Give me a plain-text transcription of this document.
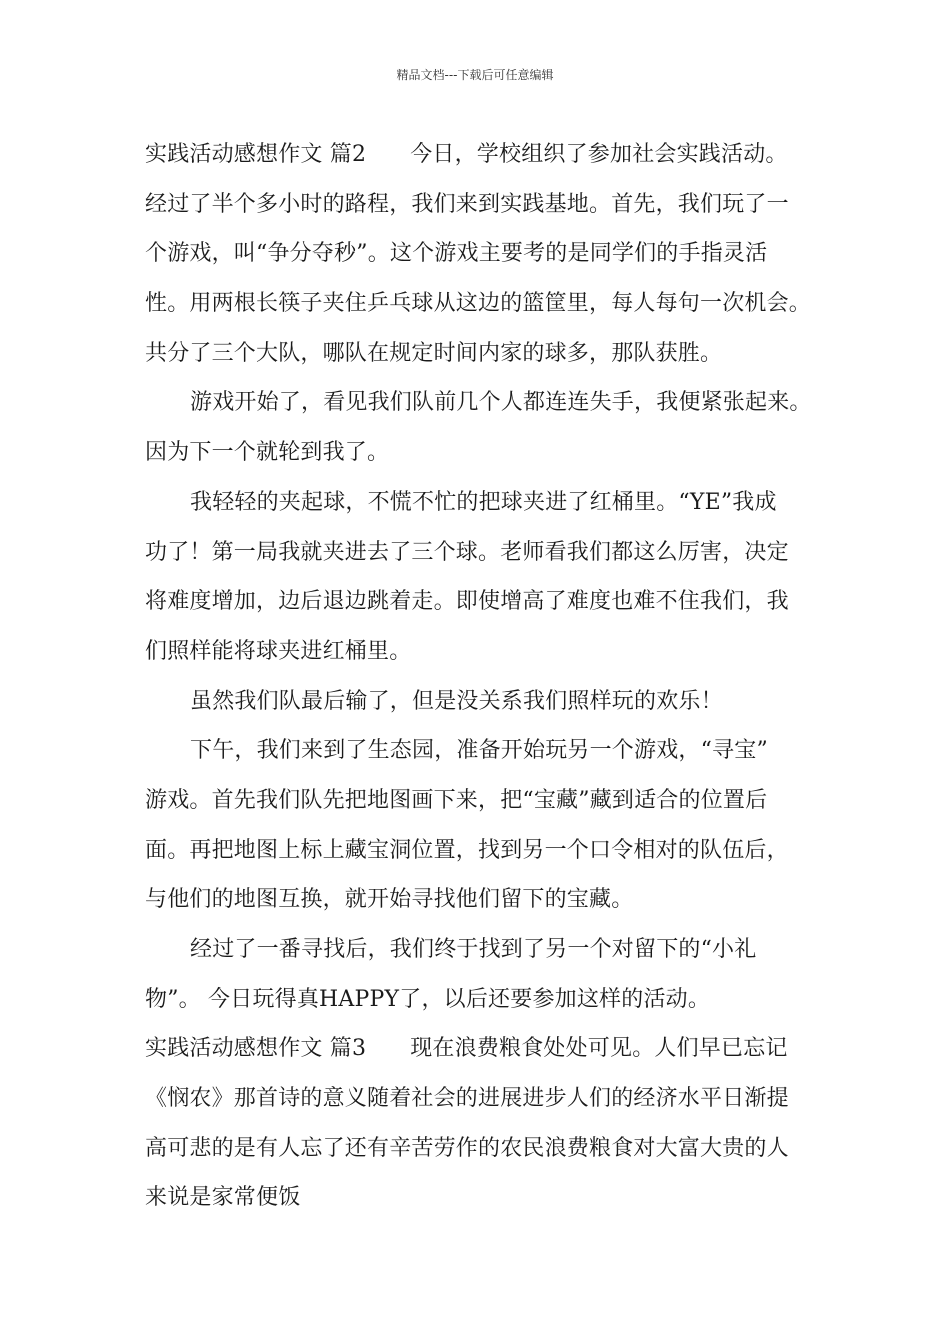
精品文档---下载后可任意编辑
实践活动感想作文 篇2 今日，学校组织了参加社会实践活动。
经过了半个多小时的路程，我们来到实践基地。首先，我们玩了一
个游戏，叫“争分夺秒”。这个游戏主要考的是同学们的手指灵活
性。用两根长筷子夹住乒乓球从这边的篮筐里，每人每句一次机会。
共分了三个大队，哪队在规定时间内家的球多，那队获胜。
游戏开始了，看见我们队前几个人都连连失手，我便紧张起来。
因为下一个就轮到我了。
我轻轻的夹起球，不慌不忙的把球夹进了红桶里。“YE”我成
功了！第一局我就夹进去了三个球。老师看我们都这么厉害，决定
将难度增加，边后退边跳着走。即使增高了难度也难不住我们，我
们照样能将球夹进红桶里。
虽然我们队最后输了，但是没关系我们照样玩的欢乐！
下午，我们来到了生态园，准备开始玩另一个游戏，“寻宝”
游戏。首先我们队先把地图画下来，把“宝藏”藏到适合的位置后
面。再把地图上标上藏宝洞位置，找到另一个口令相对的队伍后，
与他们的地图互换，就开始寻找他们留下的宝藏。
经过了一番寻找后，我们终于找到了另一个对留下的“小礼
物”。 今日玩得真HAPPY了，以后还要参加这样的活动。
实践活动感想作文 篇3 现在浪费粮食处处可见。人们早已忘记
《悯农》那首诗的意义随着社会的进展进步人们的经济水平日渐提
高可悲的是有人忘了还有辛苦劳作的农民浪费粮食对大富大贵的人
来说是家常便饭
